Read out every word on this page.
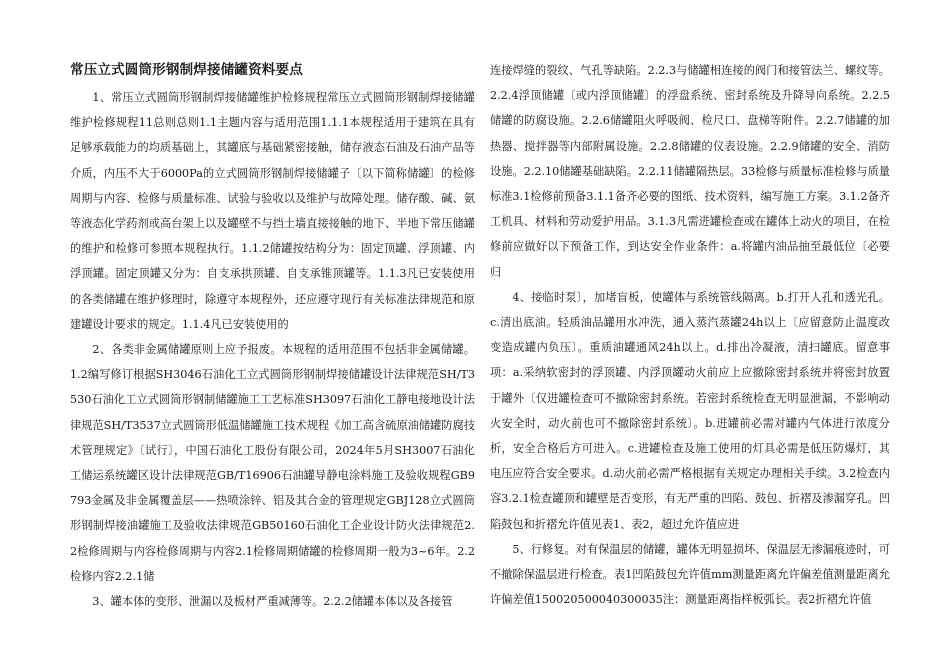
常压立式圆筒形钢制焊接储罐资料要点

1、常压立式圆筒形钢制焊接储罐维护检修规程常压立式圆筒形钢制焊接储罐维护检修规程11总则总则1.1主题内容与适用范围1.1.1本规程适用于建筑在具有足够承载能力的均质基础上，其罐底与基础紧密接触，储存液态石油及石油产品等介质，内压不大于6000Pa的立式圆筒形钢制焊接储罐子〔以下简称储罐〕的检修周期与内容、检修与质量标准、试验与验收以及维护与故障处理。储存酸、碱、氨等液态化学药剂或高台架上以及罐壁不与挡土墙直接接触的地下、半地下常压储罐的维护和检修可参照本规程执行。1.1.2储罐按结构分为：固定顶罐、浮顶罐、内浮顶罐。固定顶罐又分为：自支承拱顶罐、自支承锥顶罐等。1.1.3凡已安装使用的各类储罐在维护修理时，除遵守本规程外，还应遵守现行有关标准法律规范和原建罐设计要求的规定。1.1.4凡已安装使用的

2、各类非金属储罐原则上应予报废。本规程的适用范围不包括非金属储罐。1.2编写修订根据SH3046石油化工立式圆筒形钢制焊接储罐设计法律规范SH/T3530石油化工立式圆筒形钢制储罐施工工艺标准SH3097石油化工静电接地设计法律规范SH/T3537立式圆筒形低温储罐施工技术规程《加工高含硫原油储罐防腐技术管理规定》〔试行〕，中国石油化工股份有限公司，2024年5月SH3007石油化工储运系统罐区设计法律规范GB/T16906石油罐导静电涂料施工及验收规程GB9793金属及非金属覆盖层——热喷涂锌、铝及其合金的管理规定GBJ128立式圆筒形钢制焊接油罐施工及验收法律规范GB50160石油化工企业设计防火法律规范2.2检修周期与内容检修周期与内容2.1检修周期储罐的检修周期一般为3~6年。2.2检修内容2.2.1储

3、罐本体的变形、泄漏以及板材严重减薄等。2.2.2储罐本体以及各接管

连接焊缝的裂纹、气孔等缺陷。2.2.3与储罐相连接的阀门和接管法兰、螺纹等。2.2.4浮顶储罐〔或内浮顶储罐〕的浮盘系统、密封系统及升降导向系统。2.2.5储罐的防腐设施。2.2.6储罐阻火呼吸阀、检尺口、盘梯等附件。2.2.7储罐的加热器、搅拌器等内部附属设施。2.2.8储罐的仪表设施。2.2.9储罐的安全、消防设施。2.2.10储罐基础缺陷。2.2.11储罐隔热层。33检修与质量标准检修与质量标准3.1检修前预备3.1.1备齐必要的图纸、技术资料，编写施工方案。3.1.2备齐工机具、材料和劳动爱护用品。3.1.3凡需进罐检查或在罐体上动火的项目，在检修前应做好以下预备工作，到达安全作业条件：a.将罐内油品抽至最低位〔必要归

4、接临时泵〕，加堵盲板，使罐体与系统管线隔离。b.打开人孔和透光孔。c.清出底油。轻质油品罐用水冲洗，通入蒸汽蒸罐24h以上〔应留意防止温度改变造成罐内负压〕。重质油罐通风24h以上。d.排出冷凝液，清扫罐底。留意事项：a.采纳软密封的浮顶罐、内浮顶罐动火前应上应撤除密封系统并将密封放置于罐外〔仅进罐检查可不撤除密封系统。若密封系统检查无明显泄漏，不影响动火安全时，动火前也可不撤除密封系统〕。b.进罐前必需对罐内气体进行浓度分析，安全合格后方可进入。c.进罐检查及施工使用的灯具必需是低压防爆灯，其电压应符合安全要求。d.动火前必需严格根据有关规定办理相关手续。3.2检查内容3.2.1检查罐顶和罐壁是否变形，有无严重的凹陷、鼓包、折褶及渗漏穿孔。凹陷鼓包和折褶允许值见表1、表2，超过允许值应进

5、行修复。对有保温层的储罐，罐体无明显损坏、保温层无渗漏痕迹时，可不撤除保温层进行检查。表1凹陷鼓包允许值mm测量距离允许偏差值测量距离允许偏差值150020500040300035注：测量距离指样板弧长。表2折褶允许值
